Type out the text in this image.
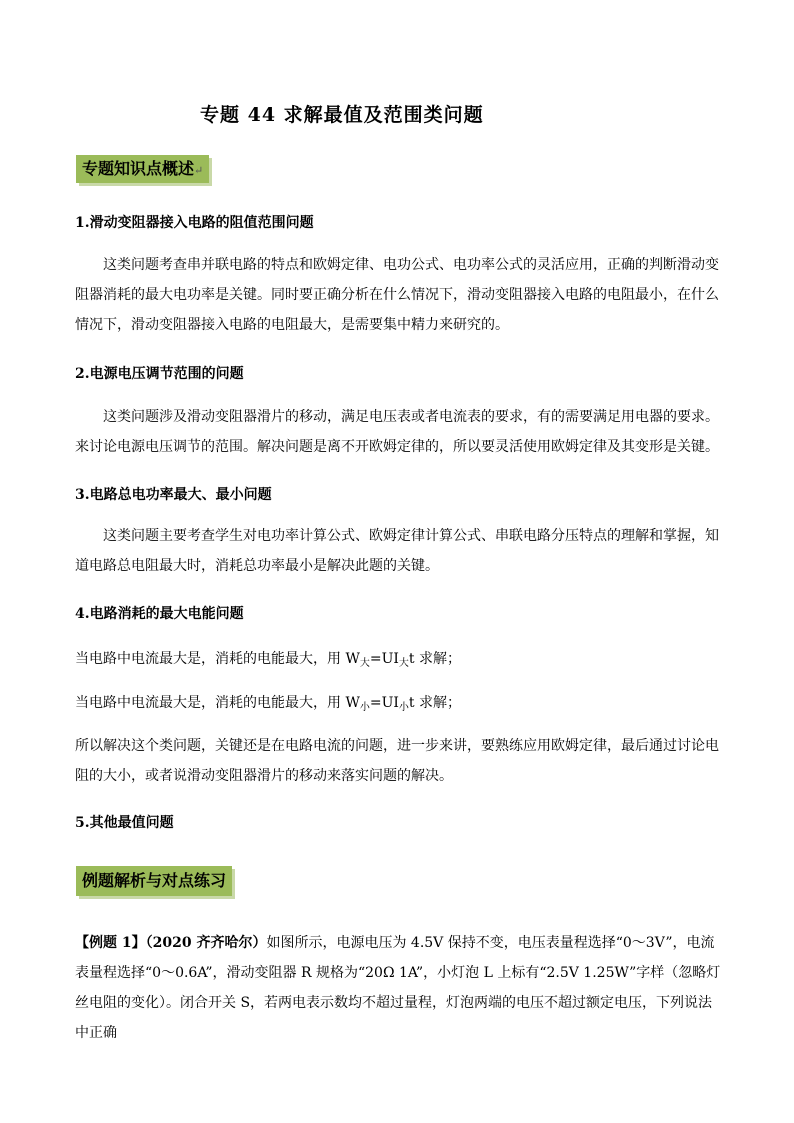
专题 44 求解最值及范围类问题
专题知识点概述↵
1.滑动变阻器接入电路的阻值范围问题
这类问题考查串并联电路的特点和欧姆定律、电功公式、电功率公式的灵活应用，正确的判断滑动变阻器消耗的最大电功率是关键。同时要正确分析在什么情况下，滑动变阻器接入电路的电阻最小，在什么情况下，滑动变阻器接入电路的电阻最大，是需要集中精力来研究的。
2.电源电压调节范围的问题
这类问题涉及滑动变阻器滑片的移动，满足电压表或者电流表的要求，有的需要满足用电器的要求。来讨论电源电压调节的范围。解决问题是离不开欧姆定律的，所以要灵活使用欧姆定律及其变形是关键。
3.电路总电功率最大、最小问题
这类问题主要考查学生对电功率计算公式、欧姆定律计算公式、串联电路分压特点的理解和掌握，知道电路总电阻最大时，消耗总功率最小是解决此题的关键。
4.电路消耗的最大电能问题
当电路中电流最大是，消耗的电能最大，用 $W_大=UI_大t$ 求解；
当电路中电流最大是，消耗的电能最大，用 $W_小=UI_小t$ 求解；
所以解决这个类问题，关键还是在电路电流的问题，进一步来讲，要熟练应用欧姆定律，最后通过讨论电阻的大小，或者说滑动变阻器滑片的移动来落实问题的解决。
5.其他最值问题
例题解析与对点练习
【例题 1】（2020 齐齐哈尔）如图所示，电源电压为 4.5V 保持不变，电压表量程选择“0～3V”，电流表量程选择“0～0.6A”，滑动变阻器 R 规格为“20Ω 1A”，小灯泡 L 上标有“2.5V 1.25W”字样（忽略灯丝电阻的变化）。闭合开关 S，若两电表示数均不超过量程，灯泡两端的电压不超过额定电压，下列说法中正确
